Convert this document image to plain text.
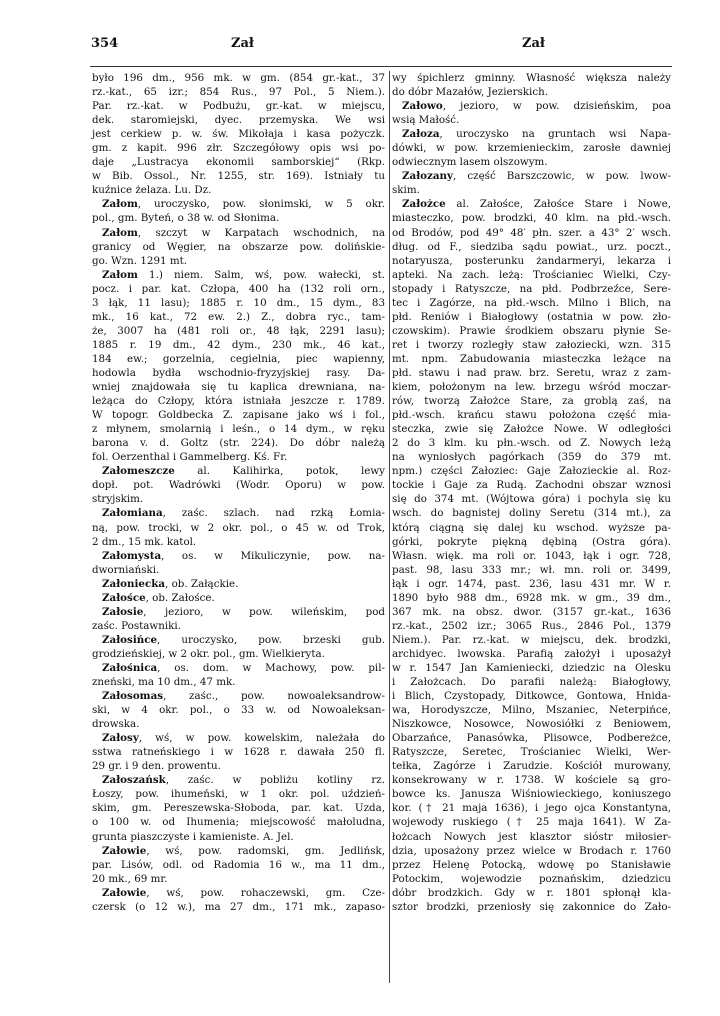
354	Zał	Zał
było 196 dm., 956 mk. w gm. (854 gr.-kat., 37
rz.-kat., 65 izr.; 854 Rus., 97 Pol., 5 Niem.).
Par. rz.-kat. w Podbużu, gr.-kat. w miejscu,
dek. staromiejski, dyec. przemyska. We wsi
jest cerkiew p. w. św. Mikołaja i kasa pożyczk.
gm. z kapit. 996 złr. Szczegółowy opis wsi po-
daje „Lustracya ekonomii samborskiej“ (Rkp.
w Bib. Ossol., Nr. 1255, str. 169). Istniały tu
kuźnice żelaza. Lu. Dz.
Załom, uroczysko, pow. słonimski, w 5 okr.
pol., gm. Byteń, o 38 w. od Słonima.
Załom, szczyt w Karpatach wschodnich, na
granicy od Węgier, na obszarze pow. dolińskie-
go. Wzn. 1291 mt.
Załom 1.) niem. Salm, wś, pow. wałecki, st.
pocz. i par. kat. Człopa, 400 ha (132 roli orn.,
3 łąk, 11 lasu); 1885 r. 10 dm., 15 dym., 83
mk., 16 kat., 72 ew. 2.) Z., dobra ryc., tam-
że, 3007 ha (481 roli or., 48 łąk, 2291 lasu);
1885 r. 19 dm., 42 dym., 230 mk., 46 kat.,
184 ew.; gorzelnia, cegielnia, piec wapienny,
hodowla bydła wschodnio-fryzyjskiej rasy. Da-
wniej znajdowała się tu kaplica drewniana, na-
leżąca do Człopy, która istniała jeszcze r. 1789.
W topogr. Goldbecka Z. zapisane jako wś i fol.,
z młynem, smolarnią i leśn., o 14 dym., w ręku
barona v. d. Goltz (str. 224). Do dóbr należą
fol. Oerzenthal i Gammelberg. Kś. Fr.
Załomeszcze al. Kalihirka, potok, lewy
dopł. pot. Wadrówki (Wodr. Oporu) w pow.
stryjskim.
Załomiana, zaśc. szlach. nad rzką Łomia-
ną, pow. trocki, w 2 okr. pol., o 45 w. od Trok,
2 dm., 15 mk. katol.
Załomysta, os. w Mikuliczynie, pow. na-
dworniański.
Załoniecka, ob. Załąckie.
Załośce, ob. Załośce.
Załosie, jezioro, w pow. wileńskim, pod
zaśc. Postawniki.
Załosińce, uroczysko, pow. brzeski gub.
grodzieńskiej, w 2 okr. pol., gm. Wielkieryta.
Załośnica, os. dom. w Machowy, pow. pil-
zneński, ma 10 dm., 47 mk.
Załosomas, zaśc., pow. nowoaleksandrow-
ski, w 4 okr. pol., o 33 w. od Nowoaleksan-
drowska.
Załosy, wś, w pow. kowelskim, należała do
sstwa ratneńskiego i w 1628 r. dawała 250 fl.
29 gr. i 9 den. prowentu.
Załoszańsk, zaśc. w pobliżu kotliny rz.
Łoszy, pow. ihumeński, w 1 okr. pol. uździeń-
skim, gm. Pereszewska-Słoboda, par. kat. Uzda,
o 100 w. od Ihumenia; miejscowość małoludna,
grunta piaszczyste i kamieniste. A. Jel.
Załowie, wś, pow. radomski, gm. Jedlińsk,
par. Lisów, odl. od Radomia 16 w., ma 11 dm.,
20 mk., 69 mr.
Załowie, wś, pow. rohaczewski, gm. Cze-
czersk (o 12 w.), ma 27 dm., 171 mk., zapaso-
wy śpichlerz gminny. Własność większa należy
do dóbr Mazałów, Jezierskich.
Załowo, jezioro, w pow. dzisieńskim, poa
wsią Małość.
Załoza, uroczysko na gruntach wsi Napa-
dówki, w pow. krzemienieckim, zarosłe dawniej
odwiecznym lasem olszowym.
Załozany, część Barszczowic, w pow. lwow-
skim.
Założce al. Załośce, Załośce Stare i Nowe,
miasteczko, pow. brodzki, 40 klm. na płd.-wsch.
od Brodów, pod 49° 48′ płn. szer. a 43° 2′ wsch.
dług. od F., siedziba sądu powiat., urz. poczt.,
notaryusza, posterunku żandarmeryi, lekarza i
apteki. Na zach. leżą: Trościaniec Wielki, Czy-
stopady i Ratyszcze, na płd. Podbrzeźce, Sere-
tec i Zagórze, na płd.-wsch. Milno i Blich, na
płd. Reniów i Białogłowy (ostatnia w pow. zło-
czowskim). Prawie środkiem obszaru płynie Se-
ret i tworzy rozległy staw załoziecki, wzn. 315
mt. npm. Zabudowania miasteczka leżące na
płd. stawu i nad praw. brz. Seretu, wraz z zam-
kiem, położonym na lew. brzegu wśród moczar-
rów, tworzą Założce Stare, za groblą zaś, na
płd.-wsch. krańcu stawu położona część mia-
steczka, zwie się Założce Nowe. W odległości
2 do 3 klm. ku płn.-wsch. od Z. Nowych leżą
na wyniosłych pagórkach (359 do 379 mt.
npm.) części Załoziec: Gaje Załozieckie al. Roz-
tockie i Gaje za Rudą. Zachodni obszar wznosi
się do 374 mt. (Wójtowa góra) i pochyla się ku
wsch. do bagnistej doliny Seretu (314 mt.), za
którą ciągną się dalej ku wschod. wyższe pa-
górki, pokryte piękną dębiną (Ostra góra).
Własn. więk. ma roli or. 1043, łąk i ogr. 728,
past. 98, lasu 333 mr.; wł. mn. roli or. 3499,
łąk i ogr. 1474, past. 236, lasu 431 mr. W r.
1890 było 988 dm., 6928 mk. w gm., 39 dm.,
367 mk. na obsz. dwor. (3157 gr.-kat., 1636
rz.-kat., 2502 izr.; 3065 Rus., 2846 Pol., 1379
Niem.). Par. rz.-kat. w miejscu, dek. brodzki,
archidyec. lwowska. Parafią założył i uposażył
w r. 1547 Jan Kamieniecki, dziedzic na Olesku
i Założcach. Do parafii należą: Białogłowy,
i Blich, Czystopady, Ditkowce, Gontowa, Hnida-
wa, Horodyszcze, Milno, Mszaniec, Neterpińce,
Niszkowce, Nosowce, Nowosiółki z Beniowem,
Obarzańce, Panasówka, Plisowce, Podbereżce,
Ratyszcze, Seretec, Trościaniec Wielki, Wer-
tełka, Zagórze i Zarudzie. Kościół murowany,
konsekrowany w r. 1738. W kościele są gro-
bowce ks. Janusza Wiśniowieckiego, koniuszego
kor. († 21 maja 1636), i jego ojca Konstantyna,
wojewody ruskiego († 25 maja 1641). W Za-
łożcach Nowych jest klasztor sióstr miłosier-
dzia, uposażony przez wielce w Brodach r. 1760
przez Helenę Potocką, wdowę po Stanisławie
Potockim, wojewodzie poznańskim, dziedzicu
dóbr brodzkich. Gdy w r. 1801 spłonął kla-
sztor brodzki, przeniosły się zakonnice do Zało-
